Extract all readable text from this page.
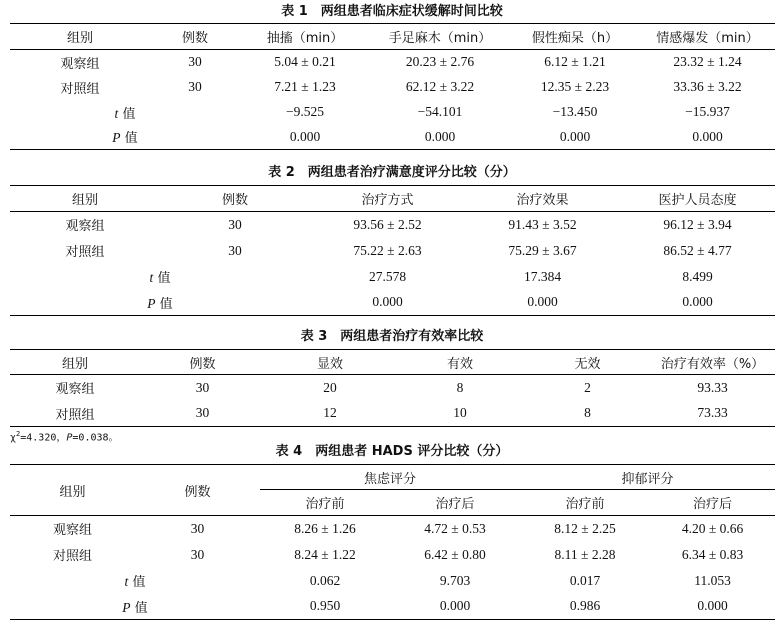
表 1　两组患者临床症状缓解时间比较
组别	例数	抽搐（min）	手足麻木（min）	假性痴呆（h）	情感爆发（min）
观察组	30	5.04 ± 0.21	20.23 ± 2.76	6.12 ± 1.21	23.32 ± 1.24
对照组	30	7.21 ± 1.23	62.12 ± 3.22	12.35 ± 2.23	33.36 ± 3.22
t 值		−9.525	−54.101	−13.450	−15.937
P 值		0.000	0.000	0.000	0.000
表 2　两组患者治疗满意度评分比较（分）
组别	例数	治疗方式	治疗效果	医护人员态度
观察组	30	93.56 ± 2.52	91.43 ± 3.52	96.12 ± 3.94
对照组	30	75.22 ± 2.63	75.29 ± 3.67	86.52 ± 4.77
t 值		27.578	17.384	8.499
P 值		0.000	0.000	0.000
表 3　两组患者治疗有效率比较
组别	例数	显效	有效	无效	治疗有效率（%）
观察组	30	20	8	2	93.33
对照组	30	12	10	8	73.33
$\chi^2=4.320$，P=0.038。
表 4　两组患者 HADS 评分比较（分）
组别	例数	焦虑评分		抑郁评分	
		治疗前	治疗后	治疗前	治疗后
观察组	30	8.26 ± 1.26	4.72 ± 0.53	8.12 ± 2.25	4.20 ± 0.66
对照组	30	8.24 ± 1.22	6.42 ± 0.80	8.11 ± 2.28	6.34 ± 0.83
t 值		0.062	9.703	0.017	11.053
P 值		0.950	0.000	0.986	0.000
